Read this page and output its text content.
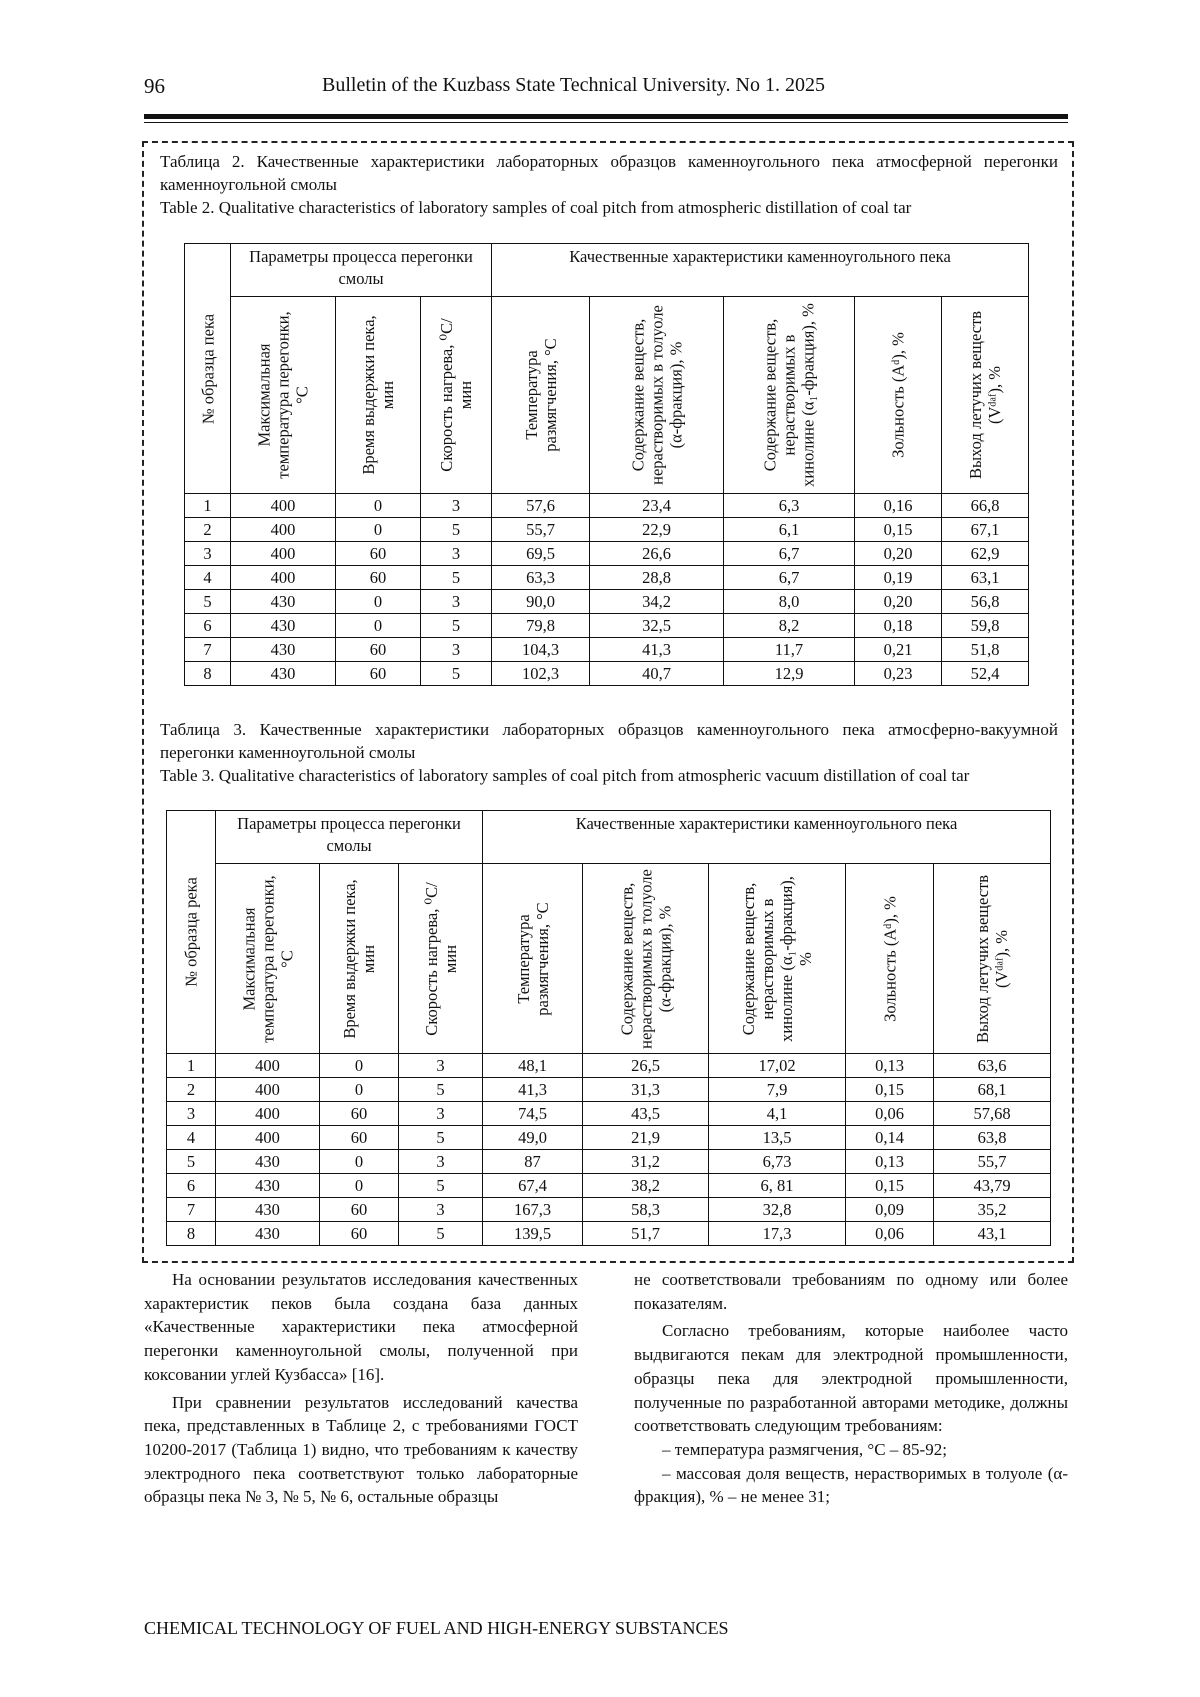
96	Bulletin of the Kuzbass State Technical University. No 1. 2025
Таблица 2. Качественные характеристики лабораторных образцов каменноугольного пека атмосферной перегонки каменноугольной смолы
Table 2. Qualitative characteristics of laboratory samples of coal pitch from atmospheric distillation of coal tar
№ образца пека	Параметры процесса перегонки смолы			Качественные характеристики каменноугольного пека				

	Максимальная температура перегонки, °С	Время выдержки пека, мин	Скорость нагрева, ⁰С/мин	Температура размягчения, °С	Содержание веществ, нерастворимых в толуоле (α-фракция), %	Содержание веществ, нерастворимых в хинолине (α₁-фракция), %	Зольность (Aᵈ), %	Выход летучих веществ (Vᵈᵃᶠ), %

1	400	0	3	57,6	23,4	6,3	0,16	66,8
2	400	0	5	55,7	22,9	6,1	0,15	67,1
3	400	60	3	69,5	26,6	6,7	0,20	62,9
4	400	60	5	63,3	28,8	6,7	0,19	63,1
5	430	0	3	90,0	34,2	8,0	0,20	56,8
6	430	0	5	79,8	32,5	8,2	0,18	59,8
7	430	60	3	104,3	41,3	11,7	0,21	51,8
8	430	60	5	102,3	40,7	12,9	0,23	52,4
Таблица 3. Качественные характеристики лабораторных образцов каменноугольного пека атмосферно-вакуумной перегонки каменноугольной смолы
Table 3. Qualitative characteristics of laboratory samples of coal pitch from atmospheric vacuum distillation of coal tar
№ образца река	Параметры процесса перегонки смолы			Качественные характеристики каменноугольного пека				

	Максимальная температура перегонки, °С	Время выдержки пека, мин	Скорость нагрева, ⁰С/мин	Температура размягчения, °С	Содержание веществ, нерастворимых в толуоле (α-фракция), %	Содержание веществ, нерастворимых в хинолине (α₁-фракция), %	Зольность (Aᵈ), %	Выход летучих веществ (Vᵈᵃᶠ), %

1	400	0	3	48,1	26,5	17,02	0,13	63,6
2	400	0	5	41,3	31,3	7,9	0,15	68,1
3	400	60	3	74,5	43,5	4,1	0,06	57,68
4	400	60	5	49,0	21,9	13,5	0,14	63,8
5	430	0	3	87	31,2	6,73	0,13	55,7
6	430	0	5	67,4	38,2	6, 81	0,15	43,79
7	430	60	3	167,3	58,3	32,8	0,09	35,2
8	430	60	5	139,5	51,7	17,3	0,06	43,1

На основании результатов исследования качественных характеристик пеков была создана база данных «Качественные характеристики пека атмосферной перегонки каменноугольной смолы, полученной при коксовании углей Кузбасса» [16].

При сравнении результатов исследований качества пека, представленных в Таблице 2, с требованиями ГОСТ 10200-2017 (Таблица 1) видно, что требованиям к качеству электродного пека соответствуют только лабораторные образцы пека № 3, № 5, № 6, остальные образцы

не соответствовали требованиям по одному или более показателям.

Согласно требованиям, которые наиболее часто выдвигаются пекам для электродной промышленности, образцы пека для электродной промышленности, полученные по разработанной авторами методике, должны соответствовать следующим требованиям:

– температура размягчения, °С – 85-92;

– массовая доля веществ, нерастворимых в толуоле (α-фракция), % – не менее 31;

CHEMICAL TECHNOLOGY OF FUEL AND HIGH-ENERGY SUBSTANCES
